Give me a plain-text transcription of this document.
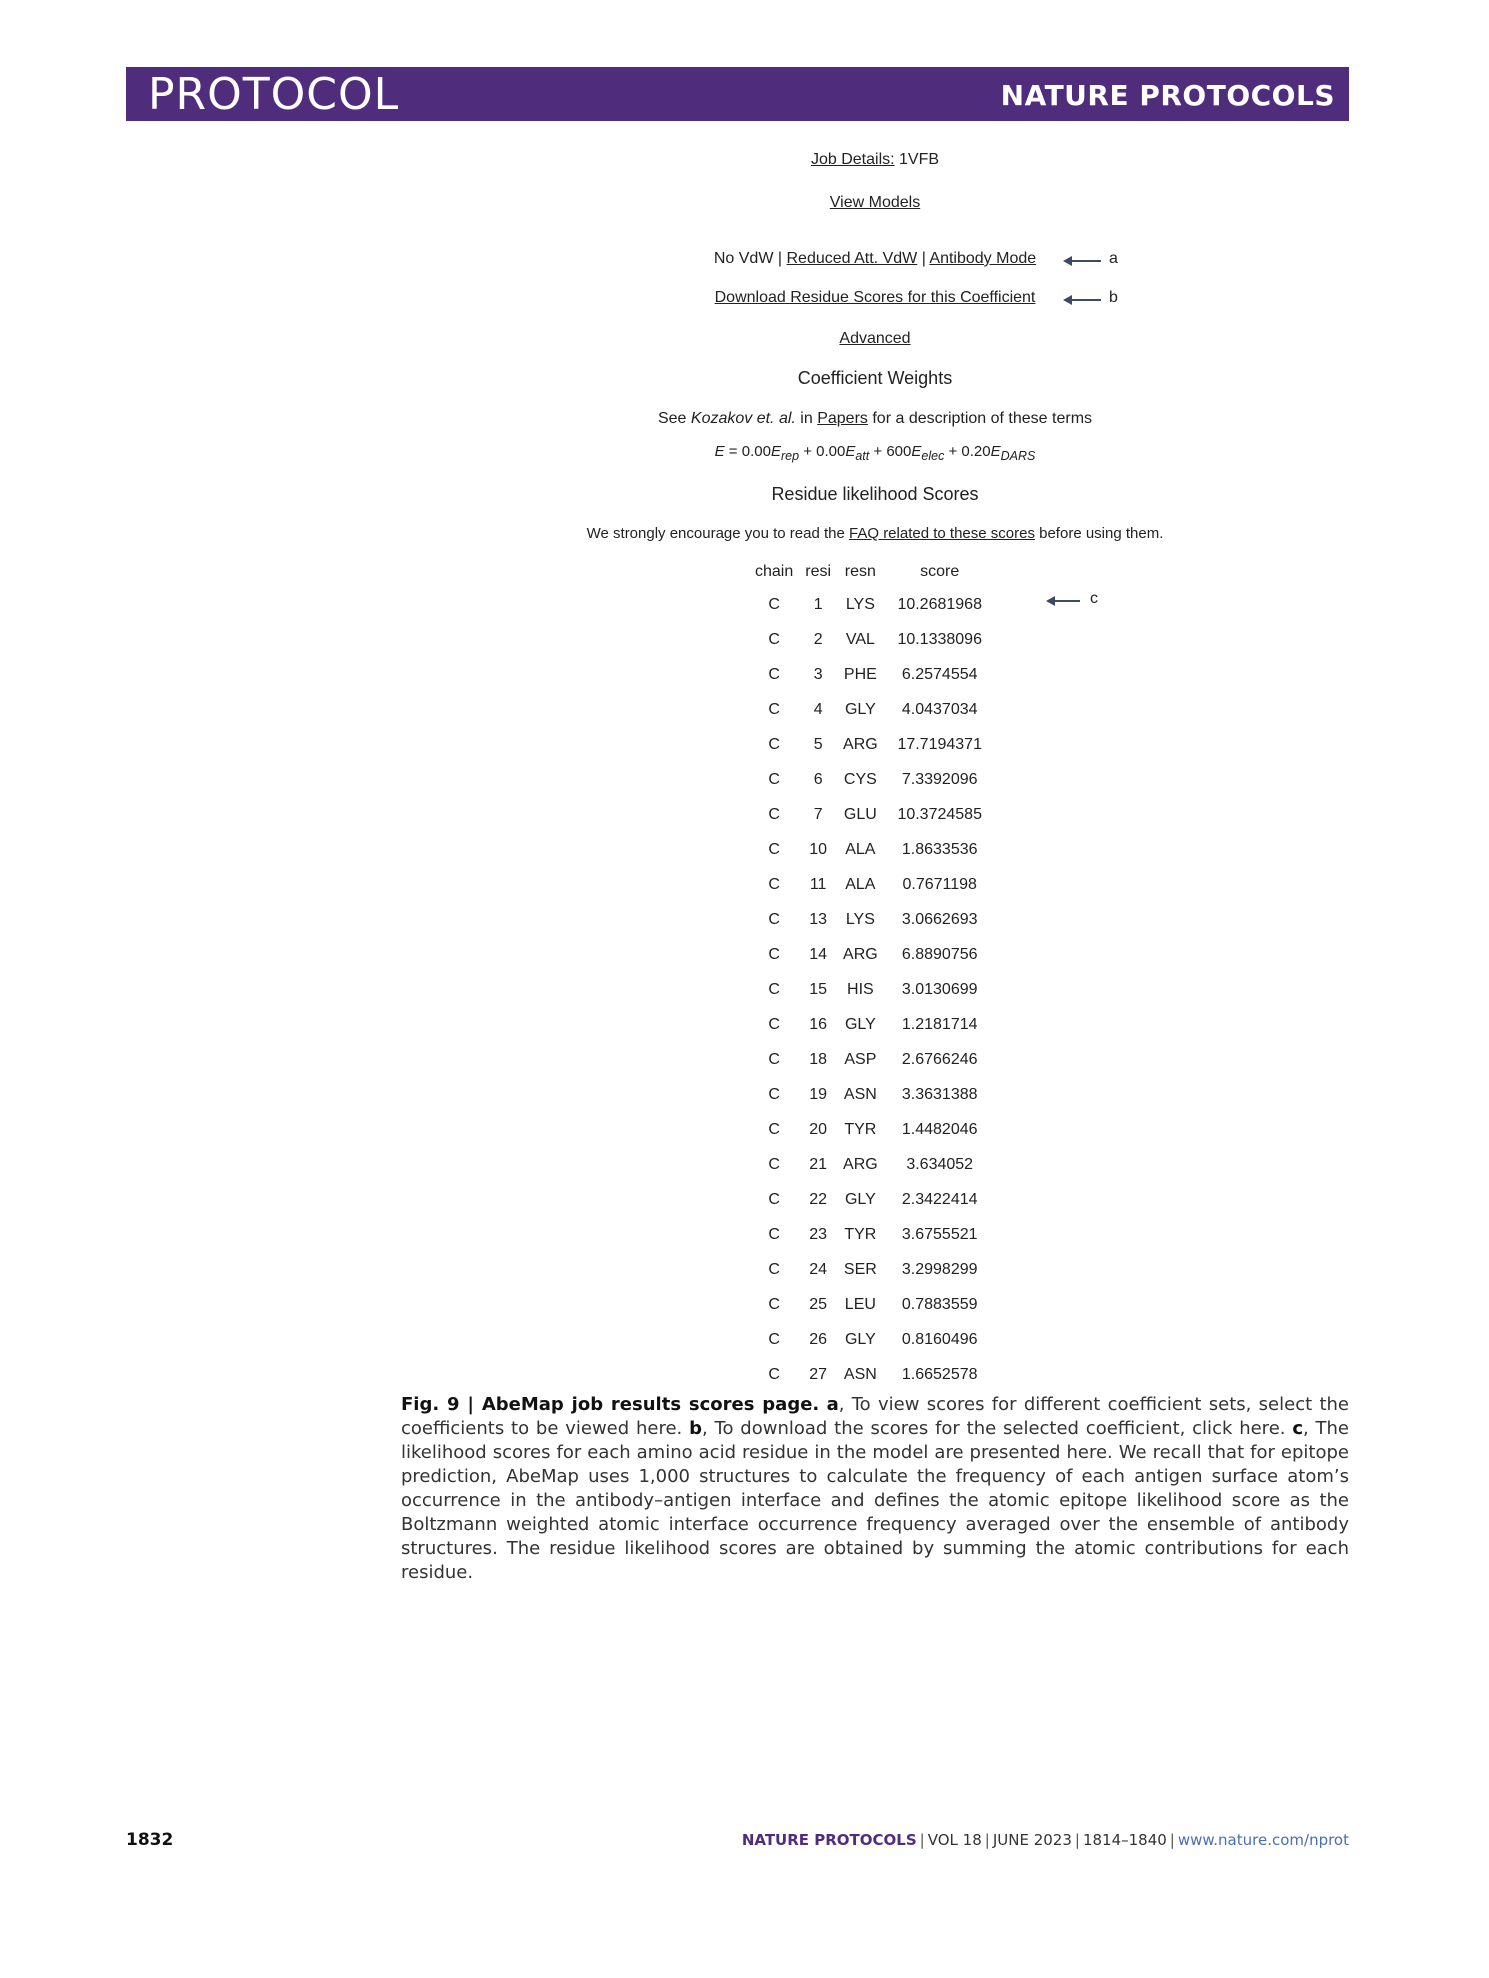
PROTOCOL	NATURE PROTOCOLS
Job Details: 1VFB
View Models
No VdW | Reduced Att. VdW | Antibody Mode	a
Download Residue Scores for this Coefficient	b
Advanced
Coefficient Weights
See Kozakov et. al. in Papers for a description of these terms
$E = 0.00E_{rep} + 0.00E_{att} + 600E_{elec} + 0.20E_{DARS}$
Residue likelihood Scores
We strongly encourage you to read the FAQ related to these scores before using them.
chain	resi	resn	score
C	1	LYS	10.2681968
C	2	VAL	10.1338096
C	3	PHE	6.2574554
C	4	GLY	4.0437034
C	5	ARG	17.7194371
C	6	CYS	7.3392096
C	7	GLU	10.3724585
C	10	ALA	1.8633536
C	11	ALA	0.7671198
C	13	LYS	3.0662693
C	14	ARG	6.8890756
C	15	HIS	3.0130699
C	16	GLY	1.2181714
C	18	ASP	2.6766246
C	19	ASN	3.3631388
C	20	TYR	1.4482046
C	21	ARG	3.634052
C	22	GLY	2.3422414
C	23	TYR	3.6755521
C	24	SER	3.2998299
C	25	LEU	0.7883559
C	26	GLY	0.8160496
C	27	ASN	1.6652578
c
Fig. 9 | AbeMap job results scores page. a, To view scores for different coefficient sets, select the coefficients to be viewed here. b, To download the scores for the selected coefficient, click here. c, The likelihood scores for each amino acid residue in the model are presented here. We recall that for epitope prediction, AbeMap uses 1,000 structures to calculate the frequency of each antigen surface atom’s occurrence in the antibody–antigen interface and defines the atomic epitope likelihood score as the Boltzmann weighted atomic interface occurrence frequency averaged over the ensemble of antibody structures. The residue likelihood scores are obtained by summing the atomic contributions for each residue.
1832	NATURE PROTOCOLS | VOL 18 | JUNE 2023 | 1814–1840 | www.nature.com/nprot
